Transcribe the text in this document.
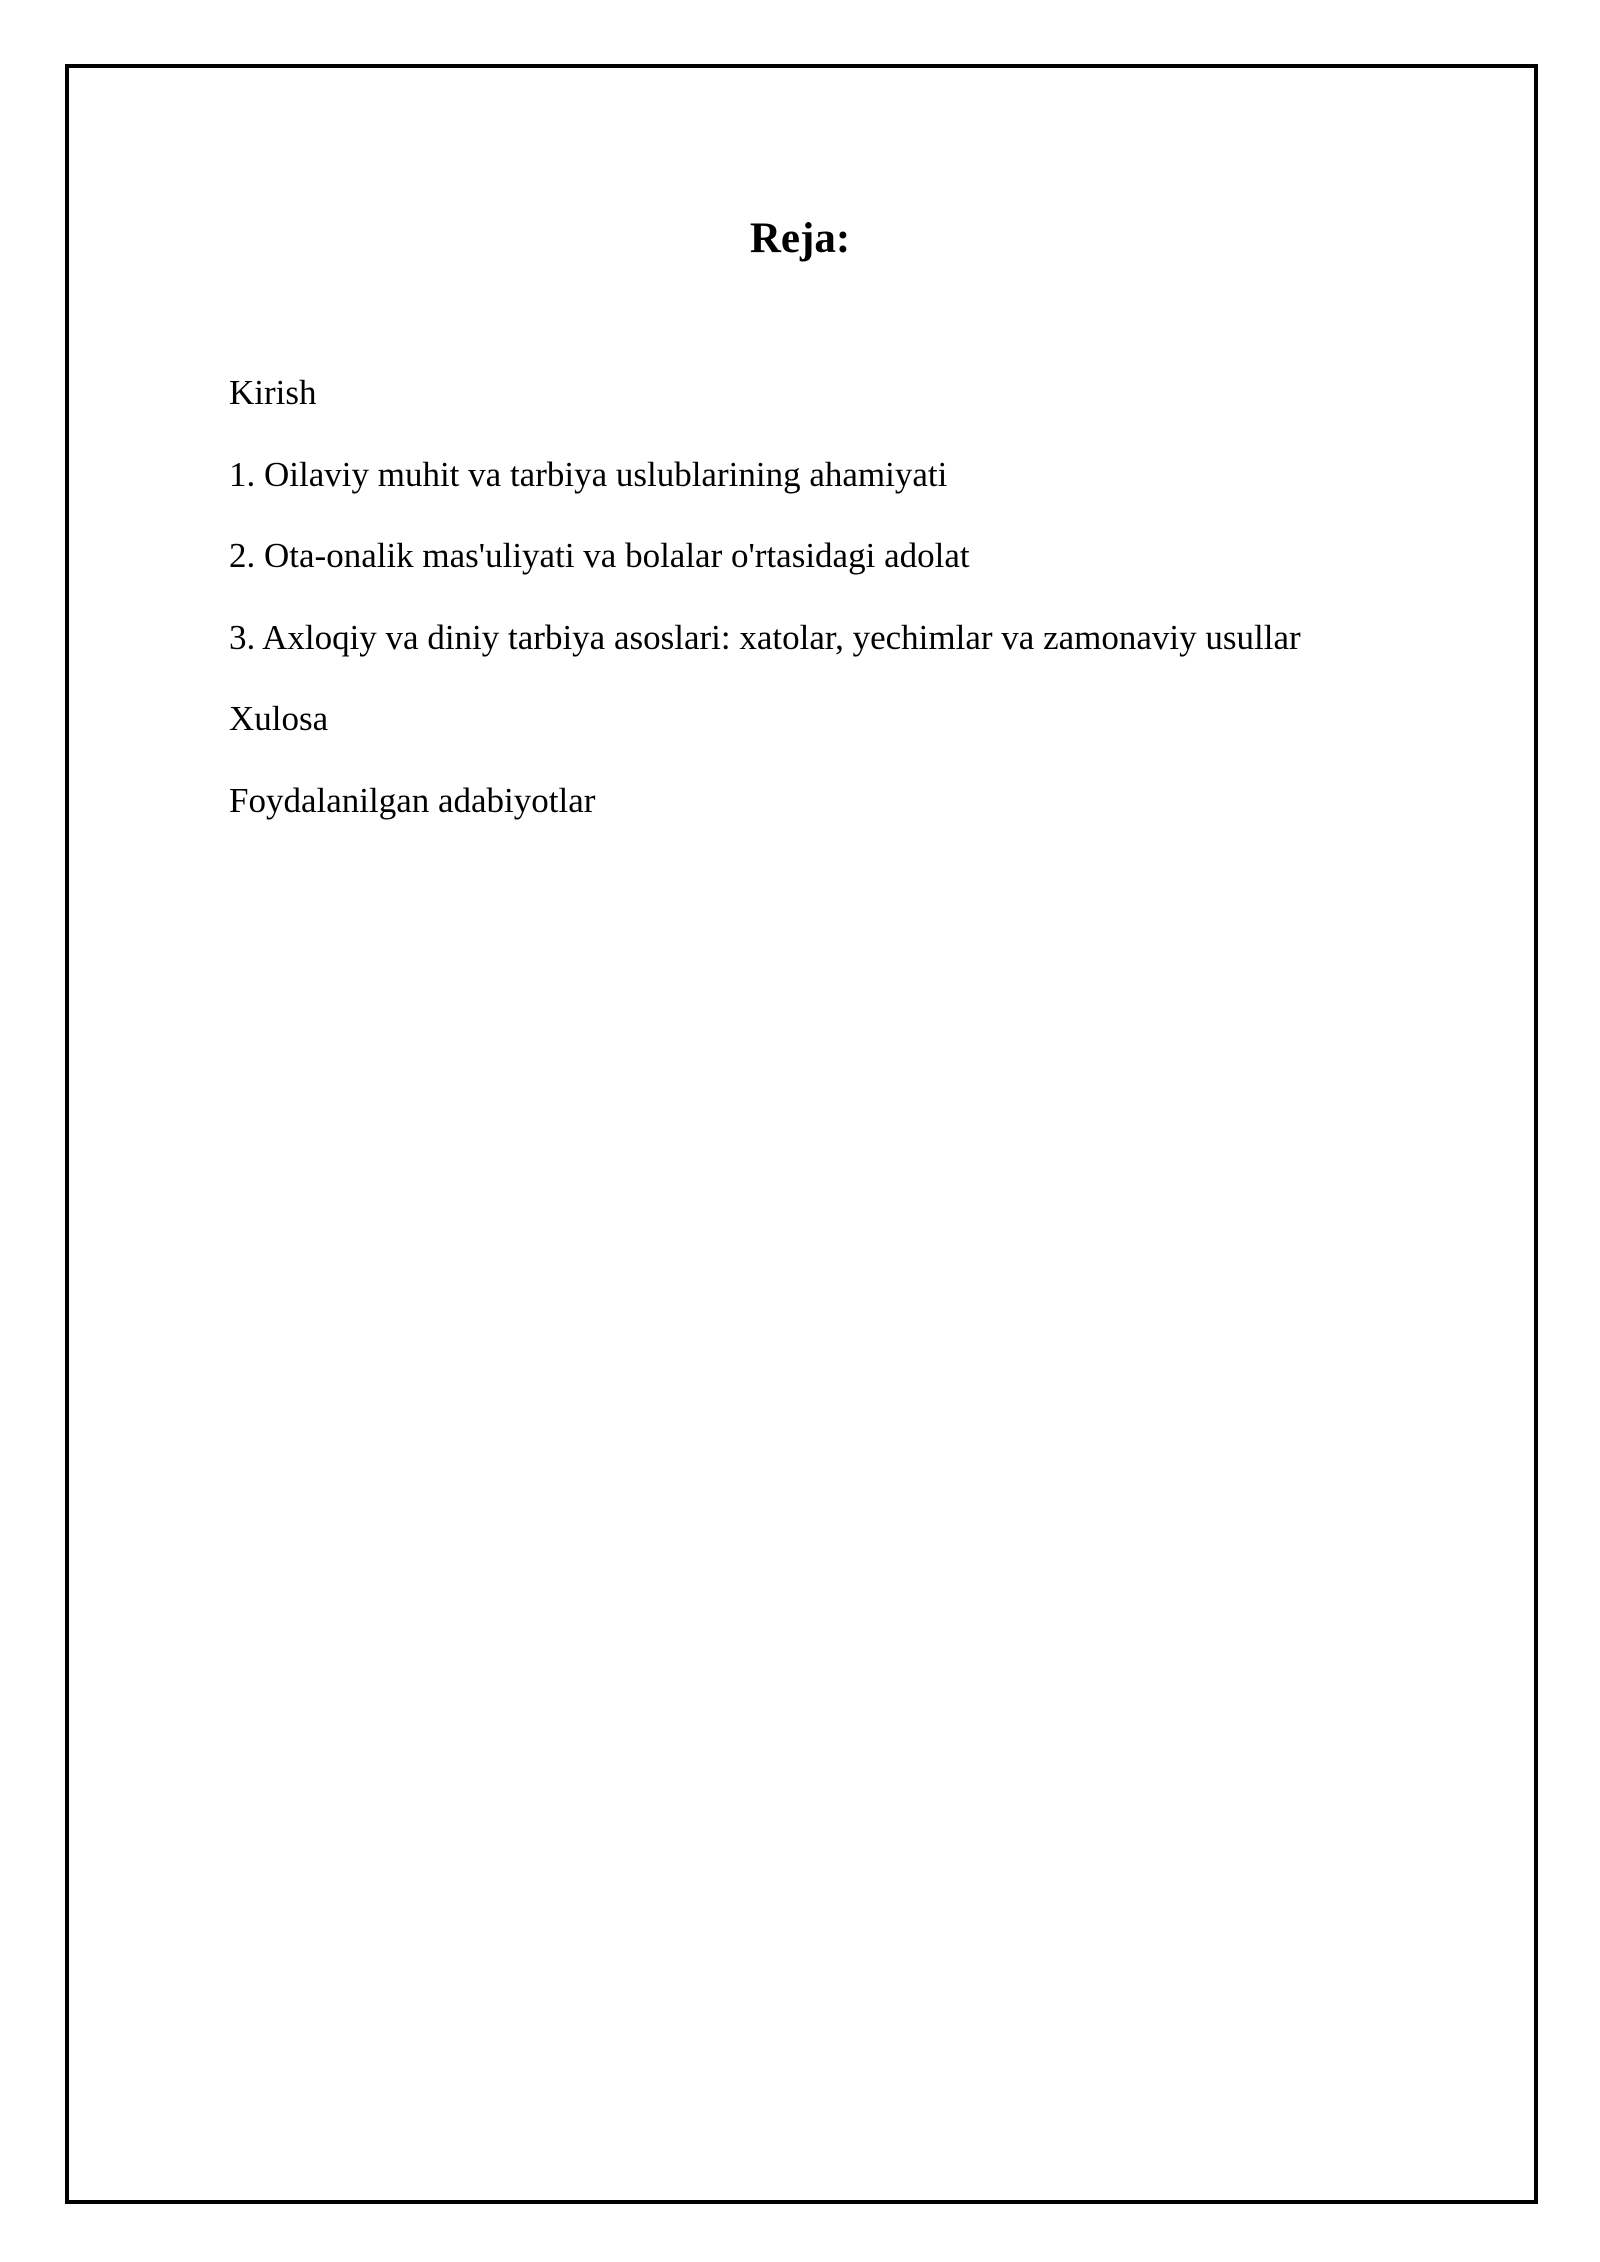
Reja:
Kirish
1. Oilaviy muhit va tarbiya uslublarining ahamiyati
2. Ota-onalik mas'uliyati va bolalar o'rtasidagi adolat
3. Axloqiy va diniy tarbiya asoslari: xatolar, yechimlar va zamonaviy usullar
Xulosa
Foydalanilgan adabiyotlar
